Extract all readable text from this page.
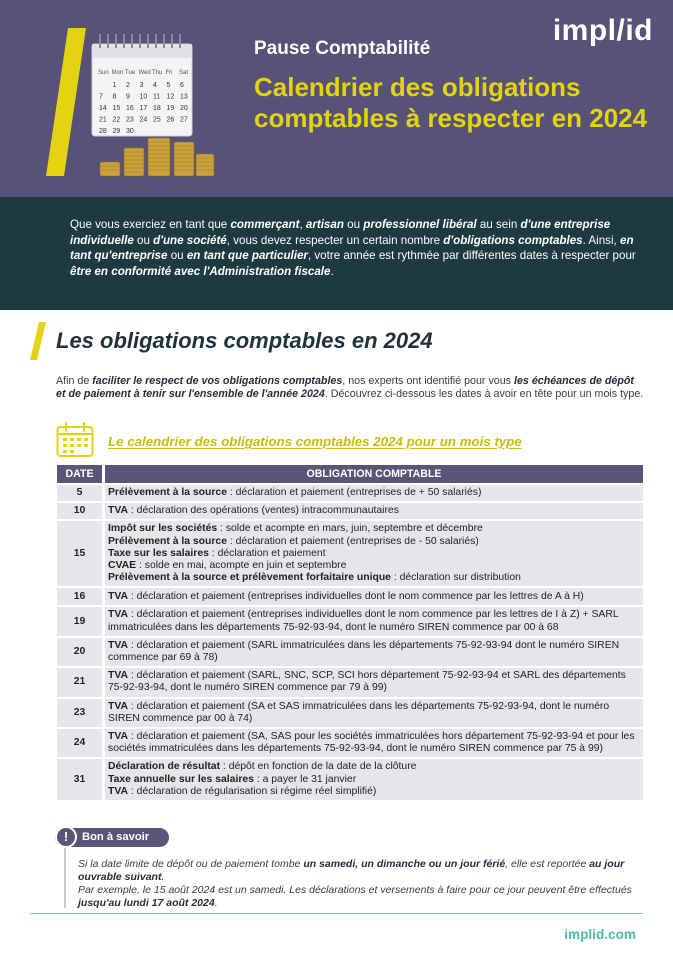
Sun Mon Tue Wed Thu Fri Sat
1 2 3 4 5 6
7 8 9 10 11 12 13
14 15 16 17 18 19 20
21 22 23 24 25 26 27
28 29 30
impl/id
Pause Comptabilité
Calendrier des obligations comptables à respecter en 2024

Que vous exerciez en tant que commerçant, artisan ou professionnel libéral au sein d'une entreprise individuelle ou d'une société, vous devez respecter un certain nombre d'obligations comptables. Ainsi, en tant qu'entreprise ou en tant que particulier, votre année est rythmée par différentes dates à respecter pour être en conformité avec l'Administration fiscale.

Les obligations comptables en 2024

Afin de faciliter le respect de vos obligations comptables, nos experts ont identifié pour vous les échéances de dépôt et de paiement à tenir sur l'ensemble de l'année 2024. Découvrez ci-dessous les dates à avoir en tête pour un mois type.

Le calendrier des obligations comptables 2024 pour un mois type
DATE	OBLIGATION COMPTABLE
5	Prélèvement à la source : déclaration et paiement (entreprises de + 50 salariés)

10	TVA : déclaration des opérations (ventes) intracommunautaires

15	Impôt sur les sociétés : solde et acompte en mars, juin, septembre et décembre

Prélèvement à la source : déclaration et paiement (entreprises de - 50 salariés)

Taxe sur les salaires : déclaration et paiement

CVAE : solde en mai, acompte en juin et septembre

Prélèvement à la source et prélèvement forfaitaire unique : déclaration sur distribution

16	TVA : déclaration et paiement (entreprises individuelles dont le nom commence par les lettres de A à H)

19	TVA : déclaration et paiement (entreprises individuelles dont le nom commence par les lettres de I à Z) + SARL immatriculées dans les départements 75-92-93-94, dont le numéro SIREN commence par 00 à 68

20	TVA : déclaration et paiement (SARL immatriculées dans les départements 75-92-93-94 dont le numéro SIREN commence par 69 à 78)

21	TVA : déclaration et paiement (SARL, SNC, SCP, SCI hors département 75-92-93-94 et SARL des départements 75-92-93-94, dont le numéro SIREN commence par 79 à 99)

23	TVA : déclaration et paiement (SA et SAS immatriculées dans les départements 75-92-93-94, dont le numéro SIREN commence par 00 à 74)

24	TVA : déclaration et paiement (SA, SAS pour les sociétés immatriculées hors département 75-92-93-94 et pour les sociétés immatriculées dans les départements 75-92-93-94, dont le numéro SIREN commence par 75 à 99)

31	Déclaration de résultat : dépôt en fonction de la date de la clôture

Taxe annuelle sur les salaires : a payer le 31 janvier

TVA : déclaration de régularisation si régime réel simplifié)

!	Bon à savoir

Si la date limite de dépôt ou de paiement tombe un samedi, un dimanche ou un jour férié, elle est reportée au jour ouvrable suivant.

Par exemple, le 15 août 2024 est un samedi. Les déclarations et versements à faire pour ce jour peuvent être effectués jusqu'au lundi 17 août 2024.

implid.com
